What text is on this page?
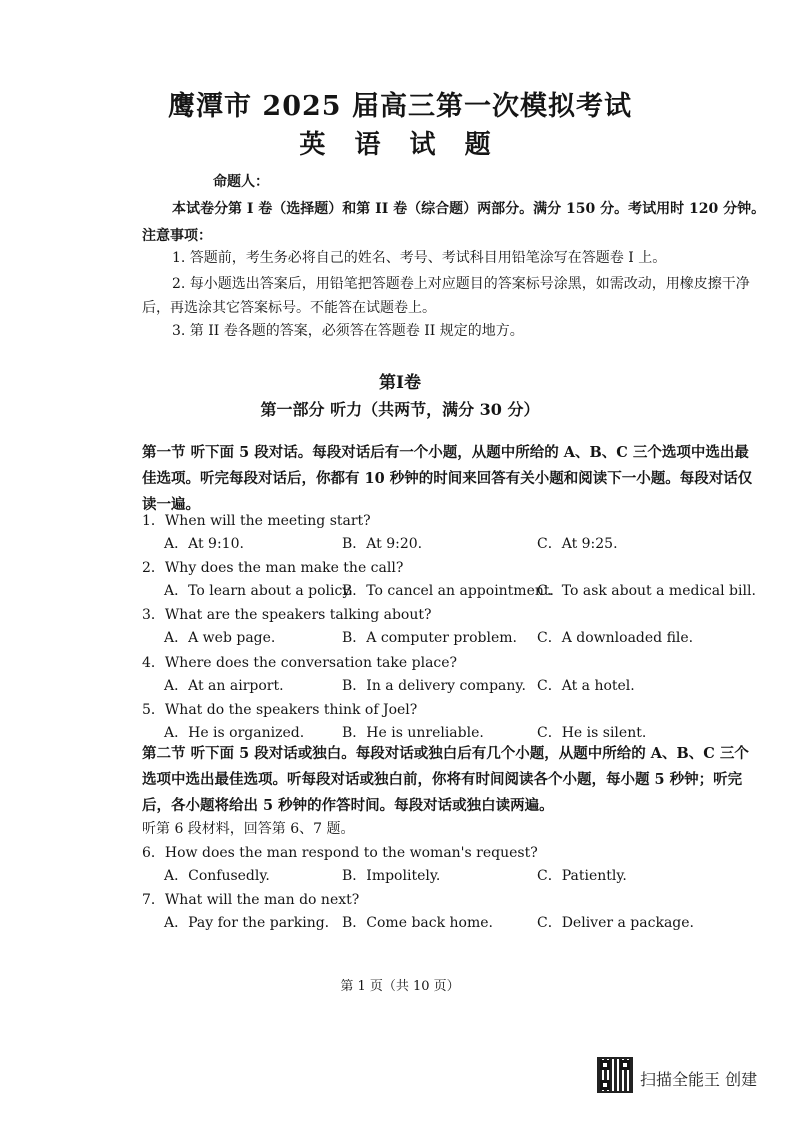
鹰潭市 2025 届高三第一次模拟考试
英 语 试 题
命题人：
本试卷分第 I 卷（选择题）和第 II 卷（综合题）两部分。满分 150 分。考试用时 120 分钟。
注意事项：
1. 答题前，考生务必将自己的姓名、考号、考试科目用铅笔涂写在答题卷 I 上。
2. 每小题选出答案后，用铅笔把答题卷上对应题目的答案标号涂黑，如需改动，用橡皮擦干净后，再选涂其它答案标号。不能答在试题卷上。
3. 第 II 卷各题的答案，必须答在答题卷 II 规定的地方。
第I卷
第一部分 听力（共两节，满分 30 分）
第一节 听下面 5 段对话。每段对话后有一个小题，从题中所给的 A、B、C 三个选项中选出最佳选项。听完每段对话后，你都有 10 秒钟的时间来回答有关小题和阅读下一小题。每段对话仅读一遍。
1．When will the meeting start?
A．At 9:10.	B．At 9:20.	C．At 9:25.
2．Why does the man make the call?
A．To learn about a policy.
B．To cancel an appointment.
C．To ask about a medical bill.
3．What are the speakers talking about?
A．A web page.	B．A computer problem. C．A downloaded file.
4．Where does the conversation take place?
A．At an airport.	B．In a delivery company. C．At a hotel.
5．What do the speakers think of Joel?
A．He is organized.	B．He is unreliable.	C．He is silent.
第二节 听下面 5 段对话或独白。每段对话或独白后有几个小题，从题中所给的 A、B、C 三个选项中选出最佳选项。听每段对话或独白前，你将有时间阅读各个小题，每小题 5 秒钟；听完后，各小题将给出 5 秒钟的作答时间。每段对话或独白读两遍。
听第 6 段材料，回答第 6、7 题。
6．How does the man respond to the woman's request?
A．Confusedly.	B．Impolitely.	C．Patiently.
7．What will the man do next?
A．Pay for the parking. B．Come back home.	C．Deliver a package.
第 1 页（共 10 页）
扫描全能王 创建
